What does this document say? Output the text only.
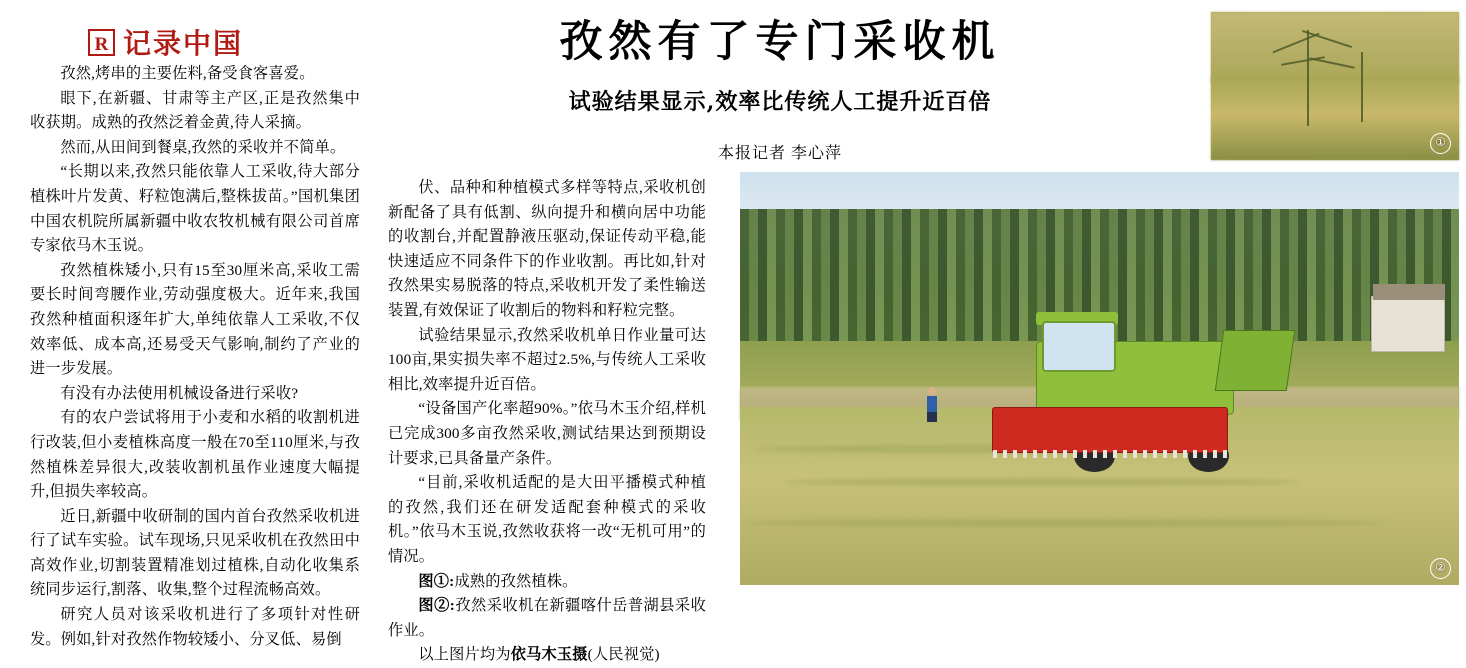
R 记录中国	孜然有了专门采收机
试验结果显示,效率比传统人工提升近百倍
本报记者 李心萍

孜然,烤串的主要佐料,备受食客喜爱。

眼下,在新疆、甘肃等主产区,正是孜然集中收获期。成熟的孜然泛着金黄,待人采摘。

然而,从田间到餐桌,孜然的采收并不简单。

“长期以来,孜然只能依靠人工采收,待大部分植株叶片发黄、籽粒饱满后,整株拔苗。”国机集团中国农机院所属新疆中收农牧机械有限公司首席专家依马木玉说。

孜然植株矮小,只有15至30厘米高,采收工需要长时间弯腰作业,劳动强度极大。近年来,我国孜然种植面积逐年扩大,单纯依靠人工采收,不仅效率低、成本高,还易受天气影响,制约了产业的进一步发展。

有没有办法使用机械设备进行采收?

有的农户尝试将用于小麦和水稻的收割机进行改装,但小麦植株高度一般在70至110厘米,与孜然植株差异很大,改装收割机虽作业速度大幅提升,但损失率较高。

近日,新疆中收研制的国内首台孜然采收机进行了试车实验。试车现场,只见采收机在孜然田中高效作业,切割装置精准划过植株,自动化收集系统同步运行,割落、收集,整个过程流畅高效。

研究人员对该采收机进行了多项针对性研发。例如,针对孜然作物较矮小、分叉低、易倒

伏、品种和种植模式多样等特点,采收机创新配备了具有低割、纵向提升和横向居中功能的收割台,并配置静液压驱动,保证传动平稳,能快速适应不同条件下的作业收割。再比如,针对孜然果实易脱落的特点,采收机开发了柔性输送装置,有效保证了收割后的物料和籽粒完整。

试验结果显示,孜然采收机单日作业量可达100亩,果实损失率不超过2.5%,与传统人工采收相比,效率提升近百倍。

“设备国产化率超90%。”依马木玉介绍,样机已完成300多亩孜然采收,测试结果达到预期设计要求,已具备量产条件。

“目前,采收机适配的是大田平播模式种植的孜然,我们还在研发适配套种模式的采收机。”依马木玉说,孜然收获将一改“无机可用”的情况。

图①:成熟的孜然植株。

图②:孜然采收机在新疆喀什岳普湖县采收作业。

以上图片均为依马木玉摄(人民视觉)

①
②
